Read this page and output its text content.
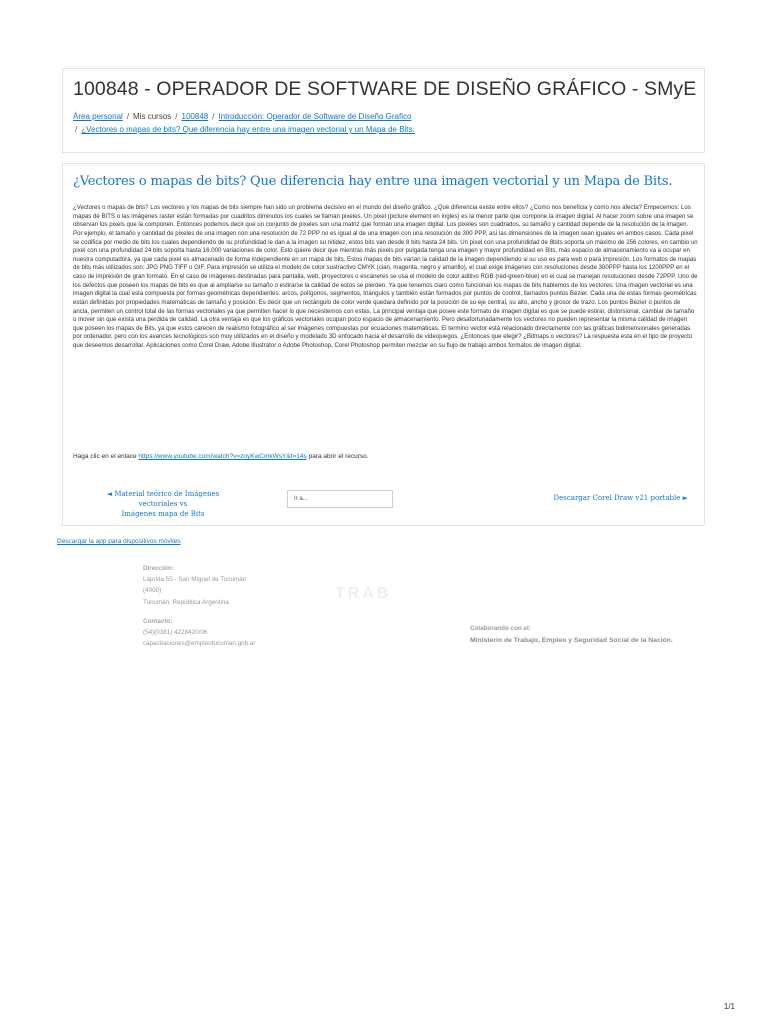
100848 - OPERADOR DE SOFTWARE DE DISEÑO GRÁFICO - SMyE
Área personal / Mis cursos / 100848 / Introducción: Operador de Software de Diseño Grafico
/ ¿Vectores o mapas de bits? Que diferencia hay entre una imagen vectorial y un Mapa de Bits.
¿Vectores o mapas de bits? Que diferencia hay entre una imagen vectorial y un Mapa de Bits.

¿Vectores o mapas de bits? Los vectores y los mapas de bits siempre han sido un problema decisivo en el mundo del diseño gráfico. ¿Qué diferencia existe entre ellos? ¿Como nos beneficia y como nos afecta? Empecemos: Los mapas de BITS o las imágenes raster están formadas por cuadritos diminutos los cuales se llaman pixeles. Un pixel (picture element en inglés) es la menor parte que compone la imagen digital. Al hacer zoom sobre una imagen se observan los pixels que la componen. Entonces podemos decir que un conjunto de pixeles son una matriz que forman una imagen digital. Los pixeles son cuadrados, su tamaño y cantidad depende de la resolución de la imagen. Por ejemplo, el tamaño y cantidad de pixeles de una imagen con una resolución de 72 PPP no es igual al de una imagen con una resolución de 300 PPP, así las dimensiones de la imagen sean iguales en ambos casos. Cada pixel se codifica por medio de bits los cuales dependiendo de su profundidad le dan a la imagen su nitidez, estos bits van desde 8 bits hasta 24 bits. Un pixel con una profundidad de 8bits soporta un máximo de 256 colores, en cambio un pixel con una profundidad 24 bits soporta hasta 16.000 variaciones de color. Esto quiere decir que mientras más pixels por pulgada tenga una imagen y mayor profundidad en Bits, más espacio de almacenamiento va a ocupar en nuestra computadora, ya que cada pixel es almacenado de forma independiente en un mapa de bits. Estos mapas de bits varían la calidad de la imagen dependiendo si su uso es para web o para impresión. Los formatos de mapas de bits más utilizados son: JPG PNG TIFF o GIF. Para impresión se utiliza el modelo de color sustractivo CMYK (cian, magenta, negro y amarillo), el cual exige imágenes con resoluciones desde 300PPP hasta los 1200PPP en el caso de impresión de gran formato. En el caso de imágenes destinadas para pantalla, web, proyectores o escáneres se usa el modelo de color aditivo RGB (red-green-blue) en el cual se manejan resoluciones desde 72PPP. Uno de los defectos que poseen los mapas de bits es que al ampliarse su tamaño o estirarse la calidad de estos se pierden. Ya que tenemos claro como funcionan los mapas de bits hablemos de los vectores: Una imagen vectorial es una imagen digital la cual esta compuesta por formas geométricas dependientes: arcos, polígonos, segmentos, triángulos y también están formados por puntos de control, llamados puntos Bézier. Cada una de estas formas geométricas están definidas por propiedades matemáticas de tamaño y posición. Es decir que un rectángulo de color verde quedara definido por la posición de su eje central, su alto, ancho y grosor de trazo. Los puntos Bézier o puntos de ancla, permiten un control total de las formas vectoriales ya que permiten hacer lo que necesitemos con estas. La principal ventaja que posee este formato de imagen digital es que se puede estirar, distorsionar, cambiar de tamaño o mover sin que exista una perdida de calidad. La otra ventaja es que los gráficos vectoriales ocupan poco espacio de almacenamiento. Pero desafortunadamente los vectores no pueden representar la misma calidad de imagen que poseen los mapas de Bits, ya que estos carecen de realismo fotográfico al ser imágenes compuestas por ecuaciones matemáticas. El termino vector está relacionado directamente con las gráficas bidimensionales generadas por ordenador, pero con los avances tecnológicos son muy utilizados en el diseño y modelado 3D enfocado hacia el desarrollo de videojuegos. ¿Entonces que elegir? ¿Bitmaps o vectores? La respuesta esta en el tipo de proyecto que deseemos desarrollar. Aplicaciones como Corel Draw, Adobe Illustrator o Adobe Photoshop, Corel Photoshop permiten mezclar en su flujo de trabajo ambos formatos de imagen digital.

Haga clic en el enlace https://www.youtube.com/watch?v=zoyKwCmkWsY&t=14s para abrir el recurso.

◄ Material teórico de Imágenes vectoriales vs
Imágenes mapa de Bits
Ir a...	Descargar Corel Draw v21 portable ►
Descargar la app para dispositivos móviles
TRAB
Dirección:
Laprida 55 - San Miguel de Tucumán
(4000)
Tucumán, República Argentina
Contacto:
(54)(0381) 4228420/06
capacitaciones@empleotucuman.gob.ar
Colaborando con el:
Ministerio de Trabajo, Empleo y Seguridad Social de la Nación.
1/1
